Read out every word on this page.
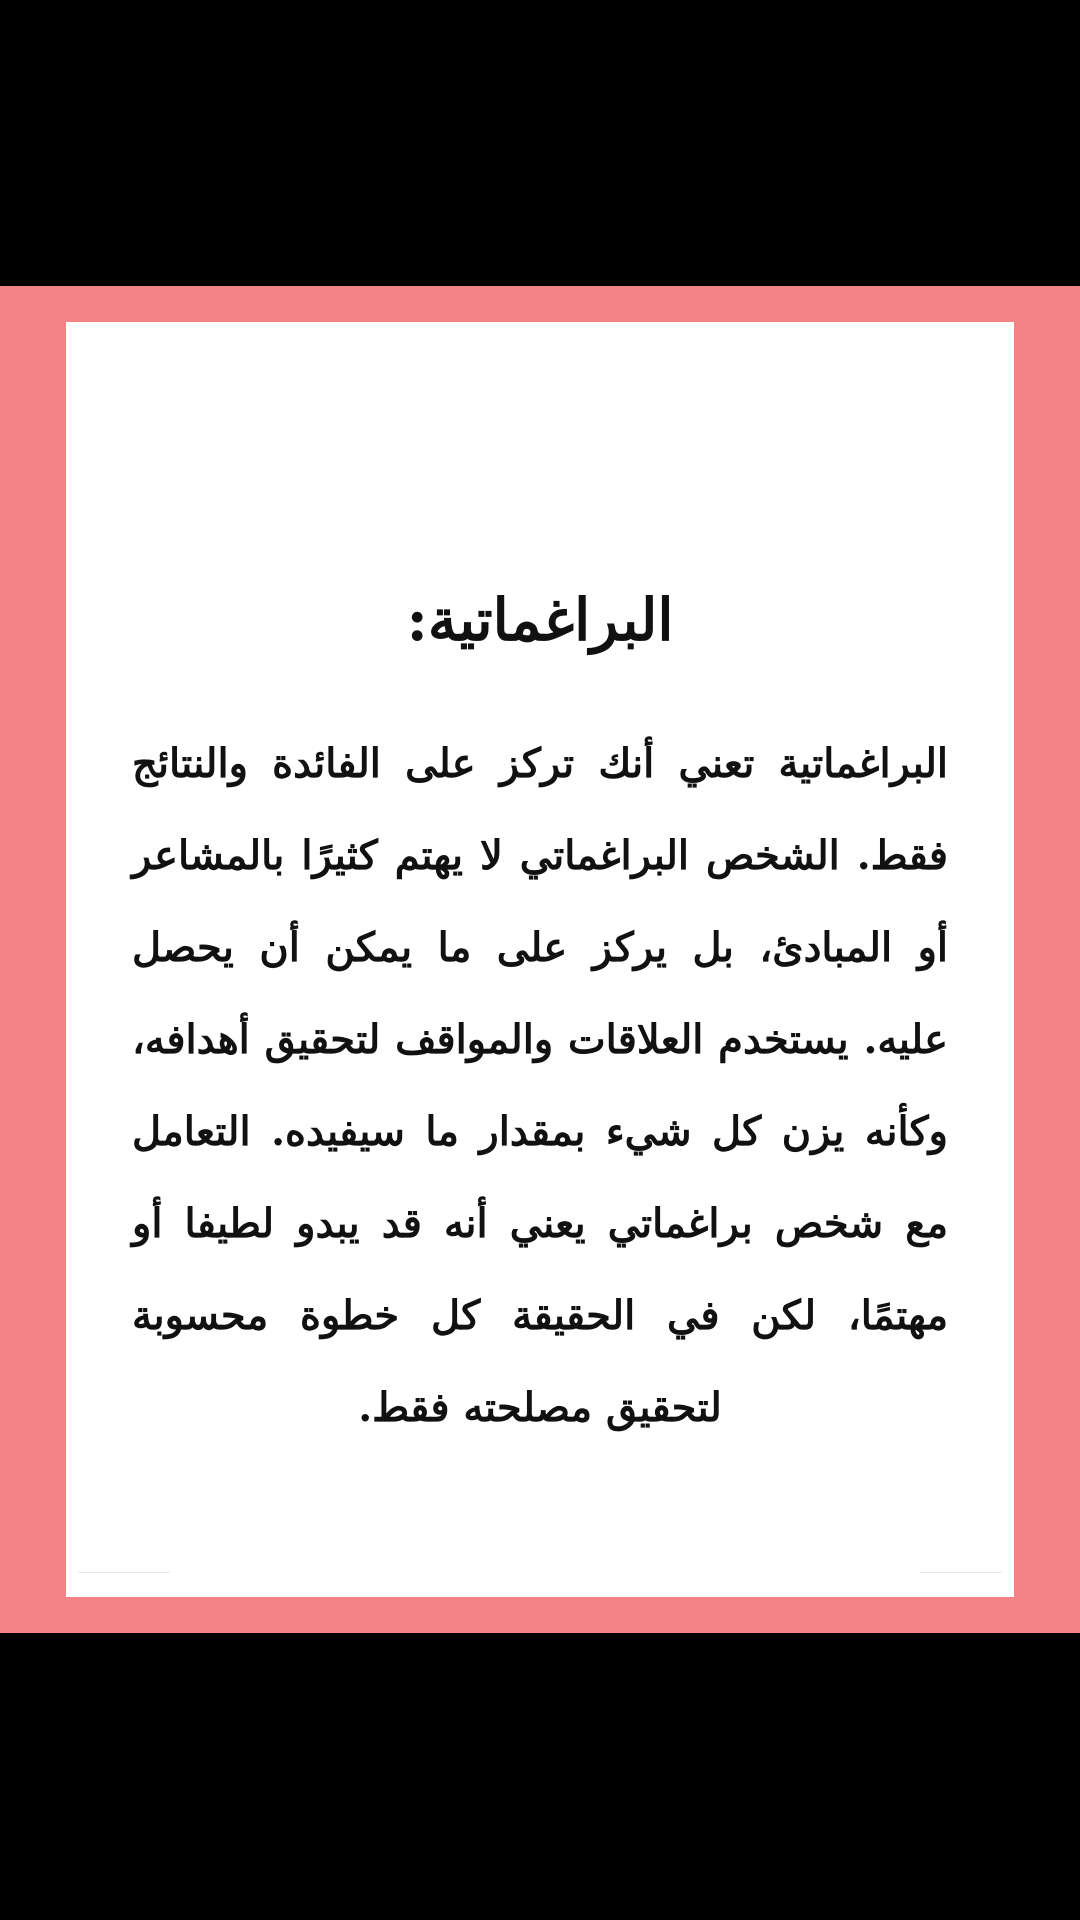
البراغماتية:

البراغماتية تعني أنك تركز على الفائدة والنتائج فقط. الشخص البراغماتي لا يهتم كثيرًا بالمشاعر أو المبادئ، بل يركز على ما يمكن أن يحصل عليه. يستخدم العلاقات والمواقف لتحقيق أهدافه، وكأنه يزن كل شيء بمقدار ما سيفيده. التعامل مع شخص براغماتي يعني أنه قد يبدو لطيفا أو مهتمًا، لكن في الحقيقة كل خطوة محسوبة لتحقيق مصلحته فقط.
